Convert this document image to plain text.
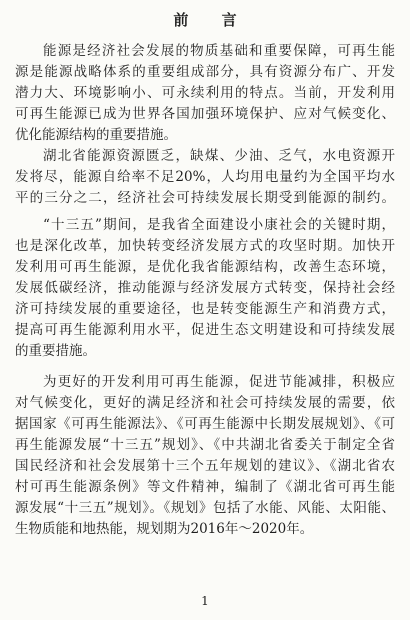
前 言
能源是经济社会发展的物质基础和重要保障，可再生能
源是能源战略体系的重要组成部分，具有资源分布广、开发
潜力大、环境影响小、可永续利用的特点。当前，开发利用
可再生能源已成为世界各国加强环境保护、应对气候变化、
优化能源结构的重要措施。
湖北省能源资源匮乏，缺煤、少油、乏气，水电资源开
发将尽，能源自给率不足20%，人均用电量约为全国平均水
平的三分之二，经济社会可持续发展长期受到能源的制约。
“十三五”期间，是我省全面建设小康社会的关键时期，
也是深化改革，加快转变经济发展方式的攻坚时期。加快开
发利用可再生能源，是优化我省能源结构，改善生态环境，
发展低碳经济，推动能源与经济发展方式转变，保持社会经
济可持续发展的重要途径，也是转变能源生产和消费方式，
提高可再生能源利用水平，促进生态文明建设和可持续发展
的重要措施。
为更好的开发利用可再生能源，促进节能减排，积极应
对气候变化，更好的满足经济和社会可持续发展的需要，依
据国家《可再生能源法》、《可再生能源中长期发展规划》、《可
再生能源发展“十三五”规划》、《中共湖北省委关于制定全省
国民经济和社会发展第十三个五年规划的建议》、《湖北省农
村可再生能源条例》等文件精神，编制了《湖北省可再生能
源发展“十三五”规划》。《规划》包括了水能、风能、太阳能、
生物质能和地热能，规划期为2016年～2020年。
1
